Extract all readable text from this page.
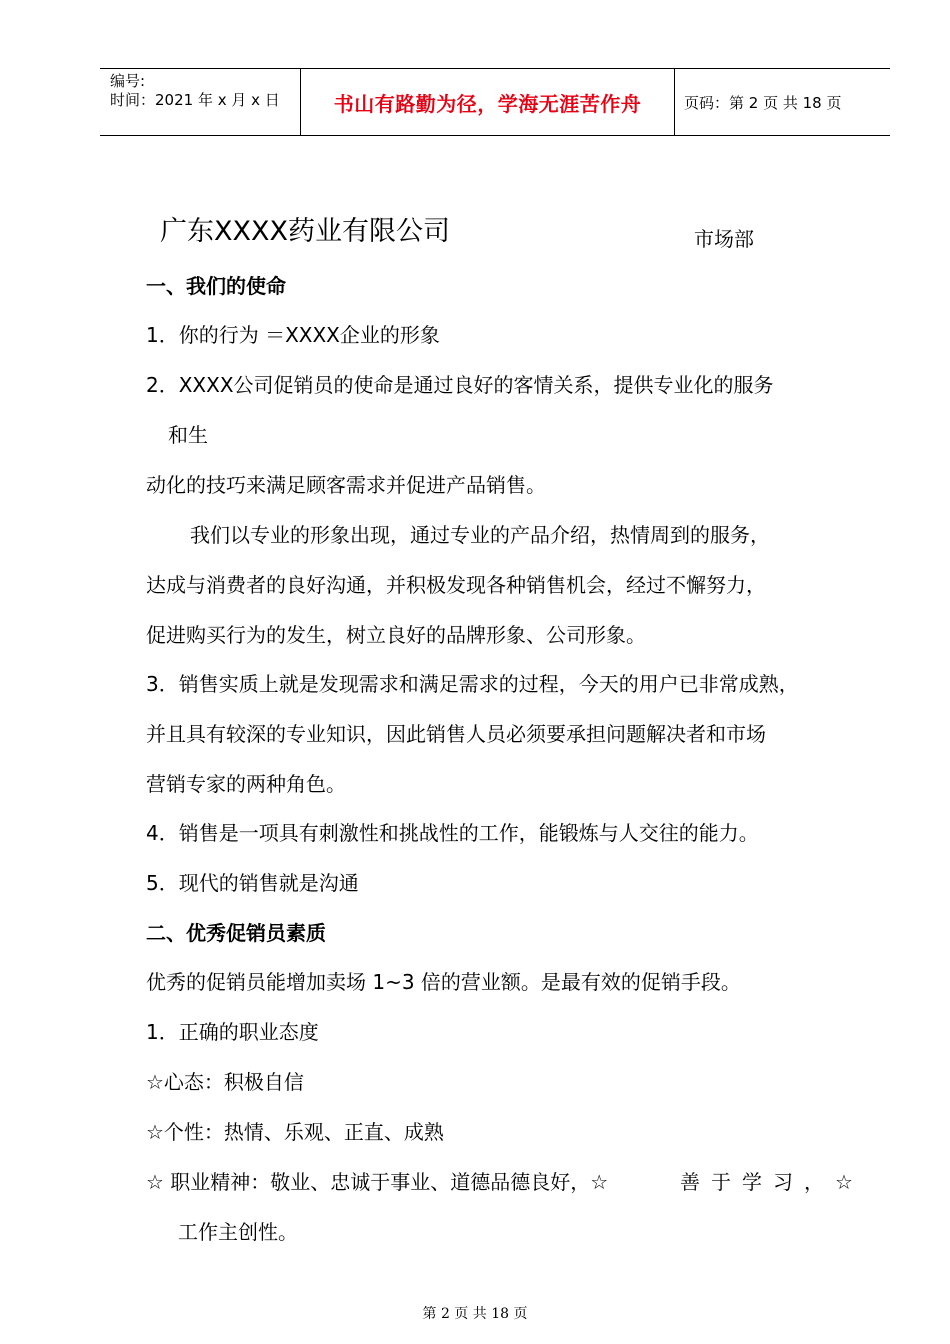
编号:
时间：2021 年 x 月 x 日	书山有路勤为径，学海无涯苦作舟	页码：第 2 页 共 18 页
广东XXXX药业有限公司	市场部
一、我们的使命
1．你的行为 ＝XXXX企业的形象
2．XXXX公司促销员的使命是通过良好的客情关系，提供专业化的服务
和生
动化的技巧来满足顾客需求并促进产品销售。
我们以专业的形象出现，通过专业的产品介绍，热情周到的服务，
达成与消费者的良好沟通，并积极发现各种销售机会，经过不懈努力，
促进购买行为的发生，树立良好的品牌形象、公司形象。
3．销售实质上就是发现需求和满足需求的过程，今天的用户已非常成熟，
并且具有较深的专业知识，因此销售人员必须要承担问题解决者和市场
营销专家的两种角色。
4．销售是一项具有刺激性和挑战性的工作，能锻炼与人交往的能力。
5．现代的销售就是沟通
二、优秀促销员素质
优秀的促销员能增加卖场 1~3 倍的营业额。是最有效的促销手段。
1．正确的职业态度
☆心态：积极自信
☆个性：热情、乐观、正直、成熟
☆ 职业精神：敬业、忠诚于事业、道德品德良好，☆	善于学习，☆
工作主创性。
第 2 页 共 18 页
